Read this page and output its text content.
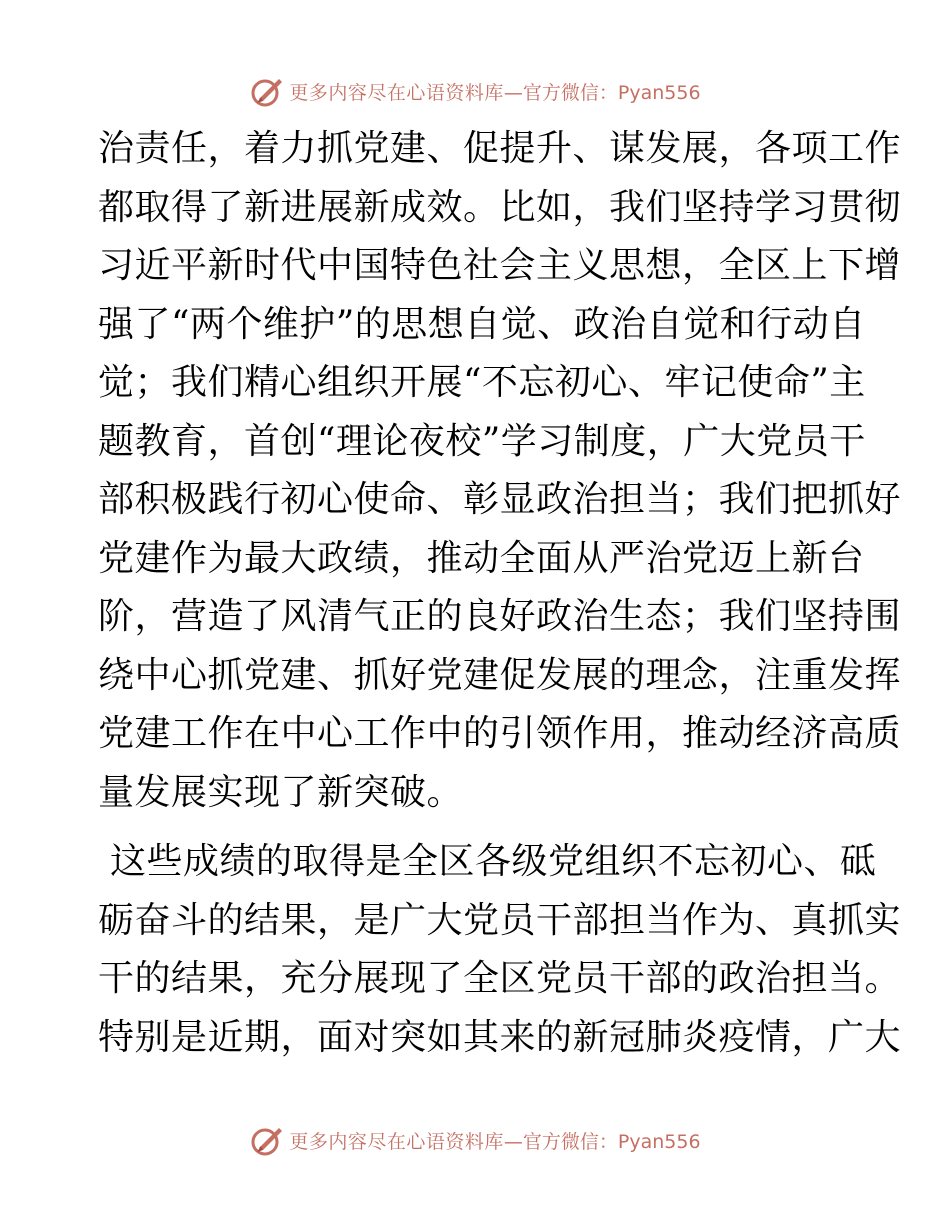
更多内容尽在心语资料库 —官方微信：Pyan556
治责任，着力抓党建、促提升、谋发展，各项工作
都取得了新进展新成效。比如，我们坚持学习贯彻
习近平新时代中国特色社会主义思想，全区上下增
强了“两个维护”的思想自觉、政治自觉和行动自
觉；我们精心组织开展“不忘初心、牢记使命”主
题教育，首创“理论夜校”学习制度，广大党员干
部积极践行初心使命、彰显政治担当；我们把抓好
党建作为最大政绩，推动全面从严治党迈上新台
阶，营造了风清气正的良好政治生态；我们坚持围
绕中心抓党建、抓好党建促发展的理念，注重发挥
党建工作在中心工作中的引领作用，推动经济高质
量发展实现了新突破。
这些成绩的取得是全区各级党组织不忘初心、砥
砺奋斗的结果，是广大党员干部担当作为、真抓实
干的结果，充分展现了全区党员干部的政治担当。
特别是近期，面对突如其来的新冠肺炎疫情，广大
更多内容尽在心语资料库 —官方微信：Pyan556
